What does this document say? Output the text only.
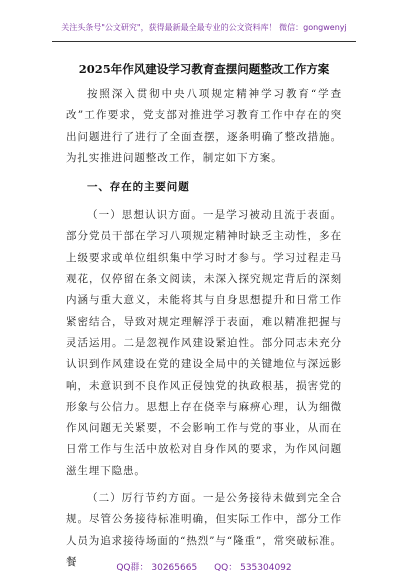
关注头条号"公文研究"，获得最新最全最专业的公文资料库！ 微信：gongwenyj
2025年作风建设学习教育查摆问题整改工作方案

按照深入贯彻中央八项规定精神学习教育“学查改”工作要求，党支部对推进学习教育工作中存在的突出问题进行了进行了全面查摆，逐条明确了整改措施。为扎实推进问题整改工作，制定如下方案。

一、存在的主要问题

（一）思想认识方面。一是学习被动且流于表面。部分党员干部在学习八项规定精神时缺乏主动性，多在上级要求或单位组织集中学习时才参与。学习过程走马观花，仅停留在条文阅读，未深入探究规定背后的深刻内涵与重大意义，未能将其与自身思想提升和日常工作紧密结合，导致对规定理解浮于表面，难以精准把握与灵活运用。二是忽视作风建设紧迫性。部分同志未充分认识到作风建设在党的建设全局中的关键地位与深远影响，未意识到不良作风正侵蚀党的执政根基，损害党的形象与公信力。思想上存在侥幸与麻痹心理，认为细微作风问题无关紧要，不会影响工作与党的事业，从而在日常工作与生活中放松对自身作风的要求，为作风问题滋生埋下隐患。

（二）厉行节约方面。一是公务接待未做到完全合规。尽管公务接待标准明确，但实际工作中，部分工作人员为追求接待场面的“热烈”与“隆重”，常突破标准。餐

QQ群： 30265665 QQ： 535304092
